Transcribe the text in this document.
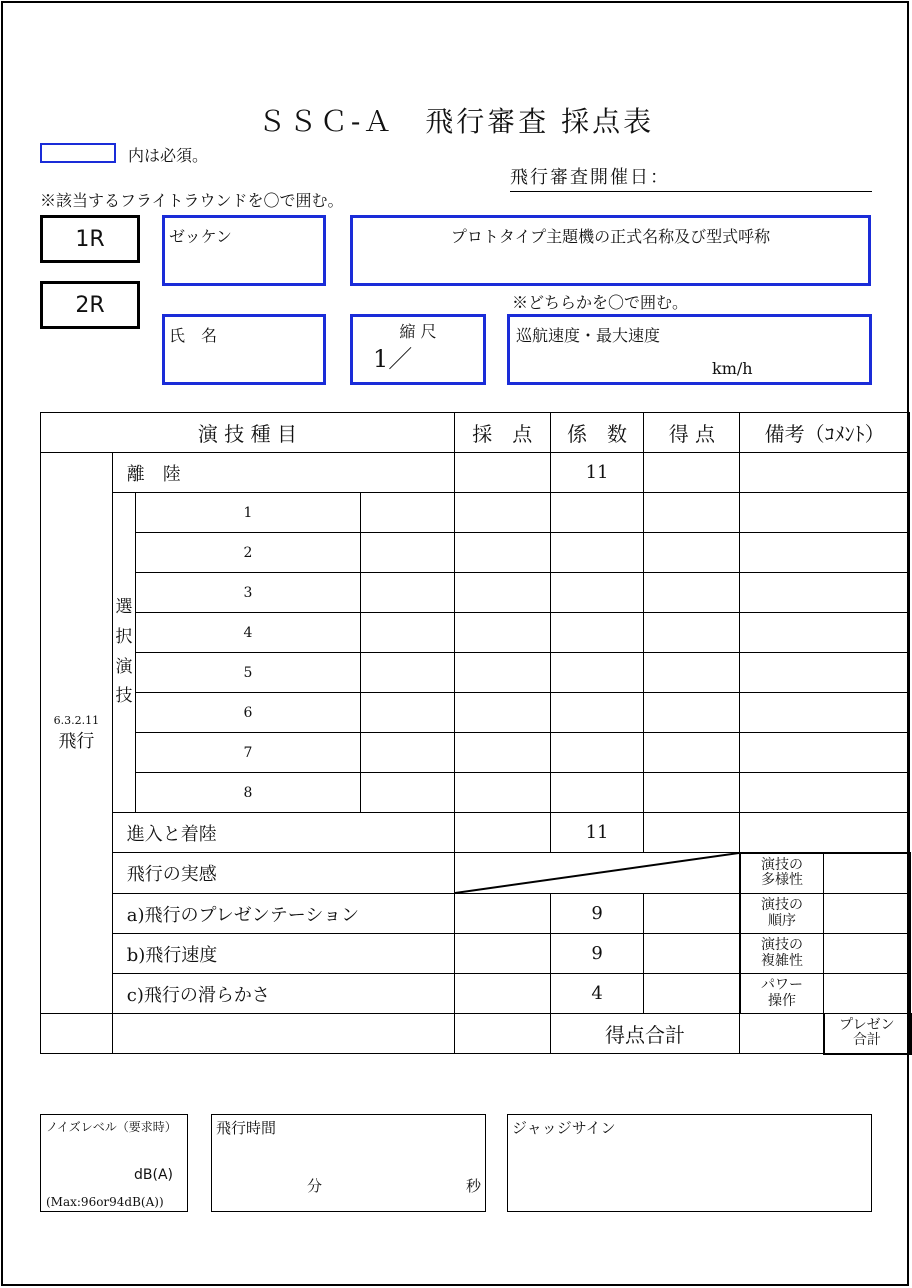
ＳＳＣ-Ａ　飛行審査 採点表
内は必須。
飛行審査開催日：
※該当するフライトラウンドを〇で囲む。
1R
2R
ゼッケン	プロトタイプ主題機の正式名称及び型式呼称
※どちらかを〇で囲む。
氏　名	縮 尺
1／
巡航速度・最大速度
km/h
演 技 種 目				採　点	係　数	得 点	備考（ｺﾒﾝﾄ）		

6.3.2.11
飛行	離　陸				11				

	選
択
演
技	1							
		2							
		3							
		4							
		5							
		6							
		7							
		8							
	進入と着陸				11				
	飛行の実感						演技の
多様性		
	a)飛行のプレゼンテーション				9		演技の
順序		
	b)飛行速度				9		演技の
複雑性		
	c)飛行の滑らかさ				4		パワー
操作		
					得点合計			プレゼン
合計	
ノイズレベル（要求時）
dB(A)
(Max:96or94dB(A))
飛行時間
分	秒
ジャッジサイン
